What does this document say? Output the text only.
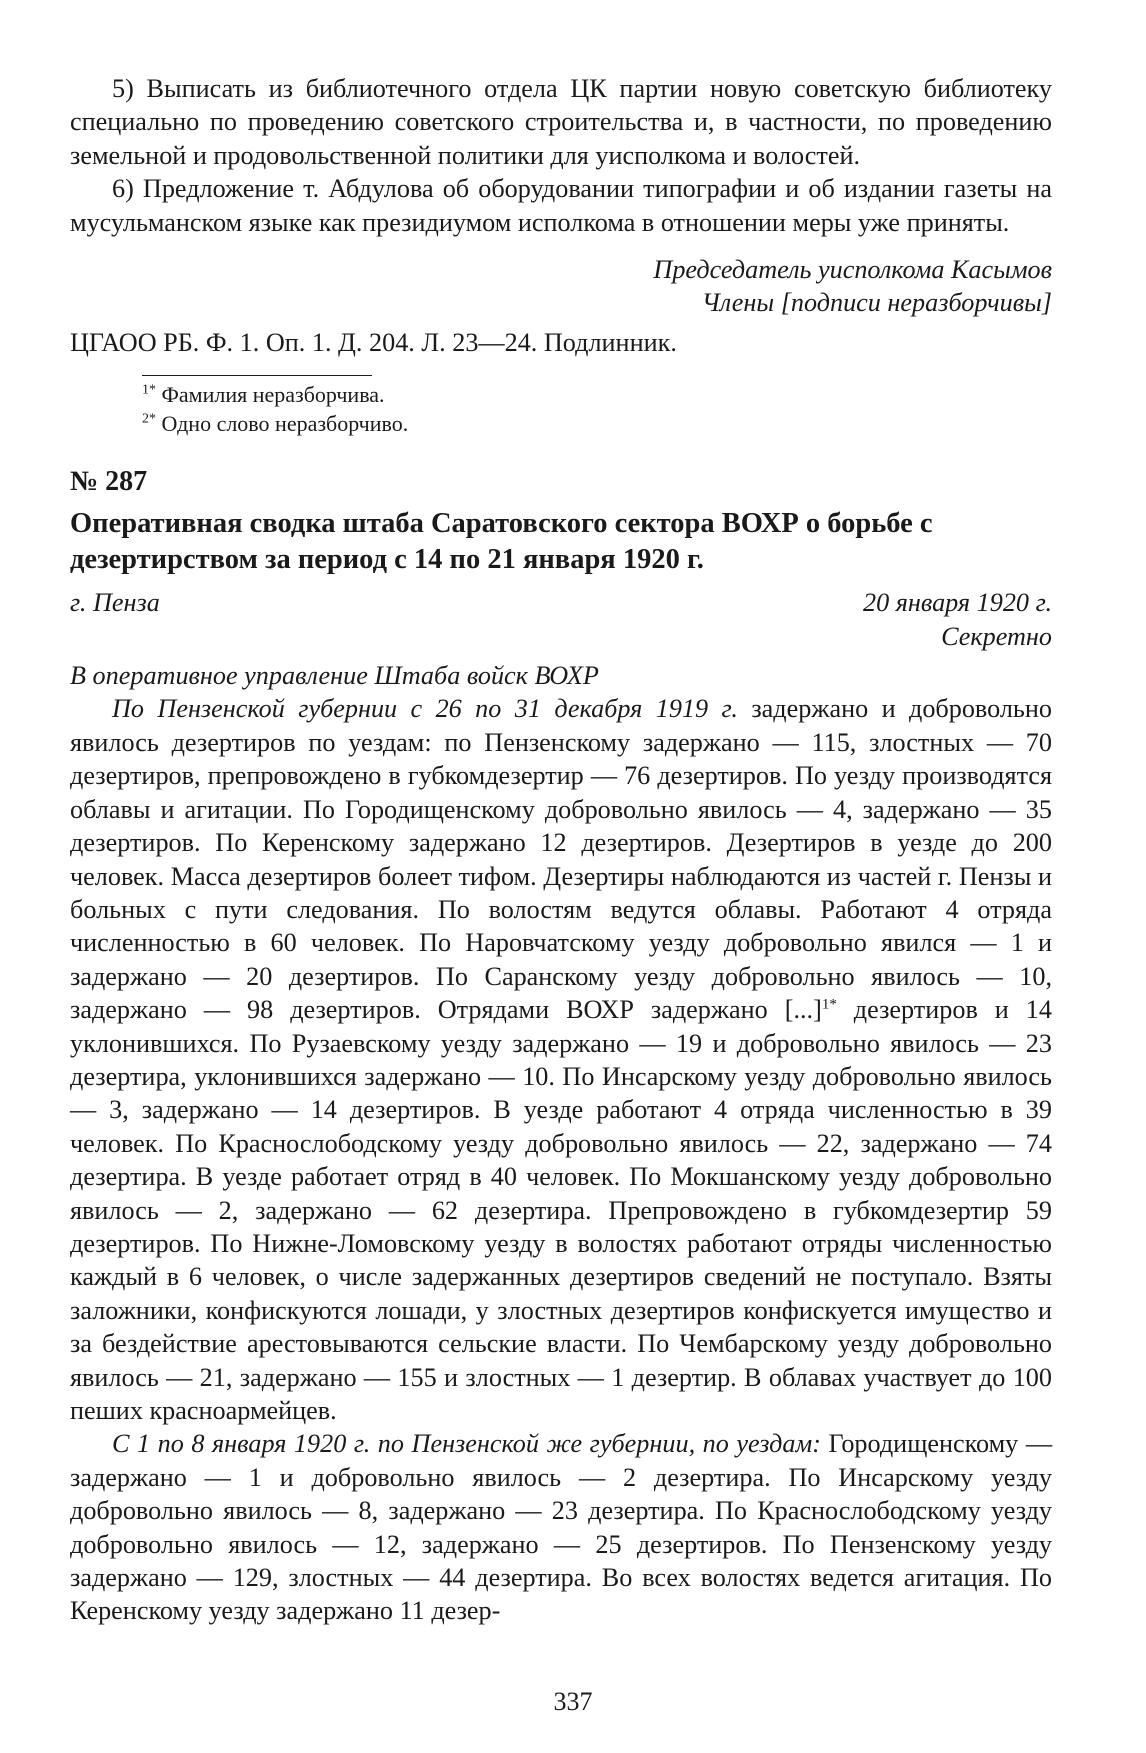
5) Выписать из библиотечного отдела ЦК партии новую советскую библиотеку специально по проведению советского строительства и, в частности, по проведению земельной и продовольственной политики для уисполкома и волостей.

6) Предложение т. Абдулова об оборудовании типографии и об издании газеты на мусульманском языке как президиумом исполкома в отношении меры уже приняты.

Председатель уисполкома Касымов

Члены [подписи неразборчивы]

ЦГАОО РБ. Ф. 1. Оп. 1. Д. 204. Л. 23—24. Подлинник.

$^{1*}$ Фамилия неразборчива.
$^{2*}$ Одно слово неразборчиво.
№ 287
Оперативная сводка штаба Саратовского сектора ВОХР о борьбе с дезертирством за период с 14 по 21 января 1920 г.
г. Пенза	20 января 1920 г.

Секретно

В оперативное управление Штаба войск ВОХР

По Пензенской губернии с 26 по 31 декабря 1919 г. задержано и добровольно явилось дезертиров по уездам: по Пензенскому задержано — 115, злостных — 70 дезертиров, препровождено в губкомдезертир — 76 дезертиров. По уезду производятся облавы и агитации. По Городищенскому добровольно явилось — 4, задержано — 35 дезертиров. По Керенскому задержано 12 дезертиров. Дезертиров в уезде до 200 человек. Масса дезертиров болеет тифом. Дезертиры наблюдаются из частей г. Пензы и больных с пути следования. По волостям ведутся облавы. Работают 4 отряда численностью в 60 человек. По Наровчатскому уезду добровольно явился — 1 и задержано — 20 дезертиров. По Саранскому уезду добровольно явилось — 10, задержано — 98 дезертиров. Отрядами ВОХР задержано [...]$^{1*}$ дезертиров и 14 уклонившихся. По Рузаевскому уезду задержано — 19 и добровольно явилось — 23 дезертира, уклонившихся задержано — 10. По Инсарскому уезду добровольно явилось — 3, задержано — 14 дезертиров. В уезде работают 4 отряда численностью в 39 человек. По Краснослободскому уезду добровольно явилось — 22, задержано — 74 дезертира. В уезде работает отряд в 40 человек. По Мокшанскому уезду добровольно явилось — 2, задержано — 62 дезертира. Препровождено в губкомдезертир 59 дезертиров. По Нижне-Ломовскому уезду в волостях работают отряды численностью каждый в 6 человек, о числе задержанных дезертиров сведений не поступало. Взяты заложники, конфискуются лошади, у злостных дезертиров конфискуется имущество и за бездействие арестовываются сельские власти. По Чембарскому уезду добровольно явилось — 21, задержано — 155 и злостных — 1 дезертир. В облавах участвует до 100 пеших красноармейцев.

С 1 по 8 января 1920 г. по Пензенской же губернии, по уездам: Городищенскому — задержано — 1 и добровольно явилось — 2 дезертира. По Инсарскому уезду добровольно явилось — 8, задержано — 23 дезертира. По Краснослободскому уезду добровольно явилось — 12, задержано — 25 дезертиров. По Пензенскому уезду задержано — 129, злостных — 44 дезертира. Во всех волостях ведется агитация. По Керенскому уезду задержано 11 дезер-

337
